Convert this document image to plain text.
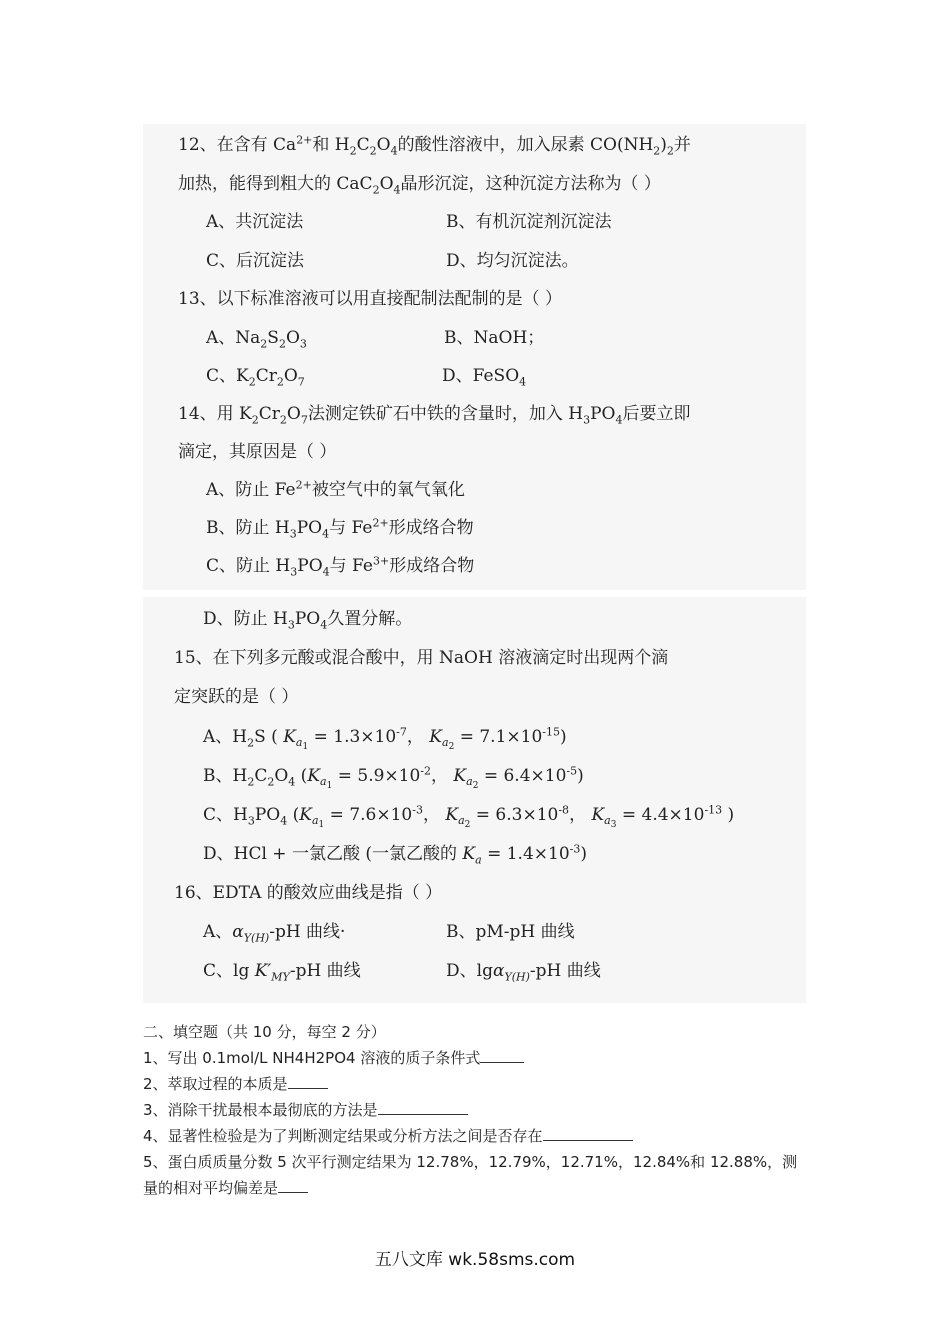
12、在含有 $Ca^{2+}$和 $H_2C_2O_4$的酸性溶液中，加入尿素 $CO(NH_2)_2$并
加热，能得到粗大的 $CaC_2O_4$晶形沉淀，这种沉淀方法称为（ ）
A、共沉淀法	B、有机沉淀剂沉淀法
C、后沉淀法	D、均匀沉淀法。
13、以下标准溶液可以用直接配制法配制的是（ ）
A、$Na_2S_2O_3$	B、NaOH；
C、$K_2Cr_2O_7$	D、FeSO$_4$
14、用 $K_2Cr_2O_7$法测定铁矿石中铁的含量时，加入 $H_3PO_4$后要立即
滴定，其原因是（ ）
A、防止 $Fe^{2+}$被空气中的氧气氧化
B、防止 $H_3PO_4$与 $Fe^{2+}$形成络合物
C、防止 $H_3PO_4$与 $Fe^{3+}$形成络合物
D、防止 $H_3PO_4$久置分解。
15、在下列多元酸或混合酸中，用 NaOH 溶液滴定时出现两个滴
定突跃的是（ ）
A、$H_2S$ ( $K_{a_1} = 1.3\times 10^{-7}$， $K_{a_2} = 7.1\times 10^{-15}$)
B、$H_2C_2O_4$ ($K_{a_1} = 5.9\times 10^{-2}$， $K_{a_2} = 6.4\times 10^{-5}$)
C、$H_3PO_4$ ($K_{a_1} = 7.6\times 10^{-3}$， $K_{a_2} = 6.3\times 10^{-8}$， $K_{a_3} = 4.4\times 10^{-13}$ )
D、HCl + 一氯乙酸 (一氯乙酸的 $K_a = 1.4\times 10^{-3}$)
16、EDTA 的酸效应曲线是指（ ）
A、$\alpha_{Y(H)}-pH$ 曲线·	B、pM-pH 曲线
C、$\lg K'_{MY}-pH$ 曲线	D、lgα$_{Y(H)}$-pH 曲线
二、填空题（共 10 分，每空 2 分）
1、写出 0.1mol/L NH4H2PO4 溶液的质子条件式
2、萃取过程的本质是
3、消除干扰最根本最彻底的方法是
4、显著性检验是为了判断测定结果或分析方法之间是否存在
5、蛋白质质量分数 5 次平行测定结果为 12.78%，12.79%，12.71%，12.84%和 12.88%，测
量的相对平均偏差是
五八文库 wk.58sms.com
